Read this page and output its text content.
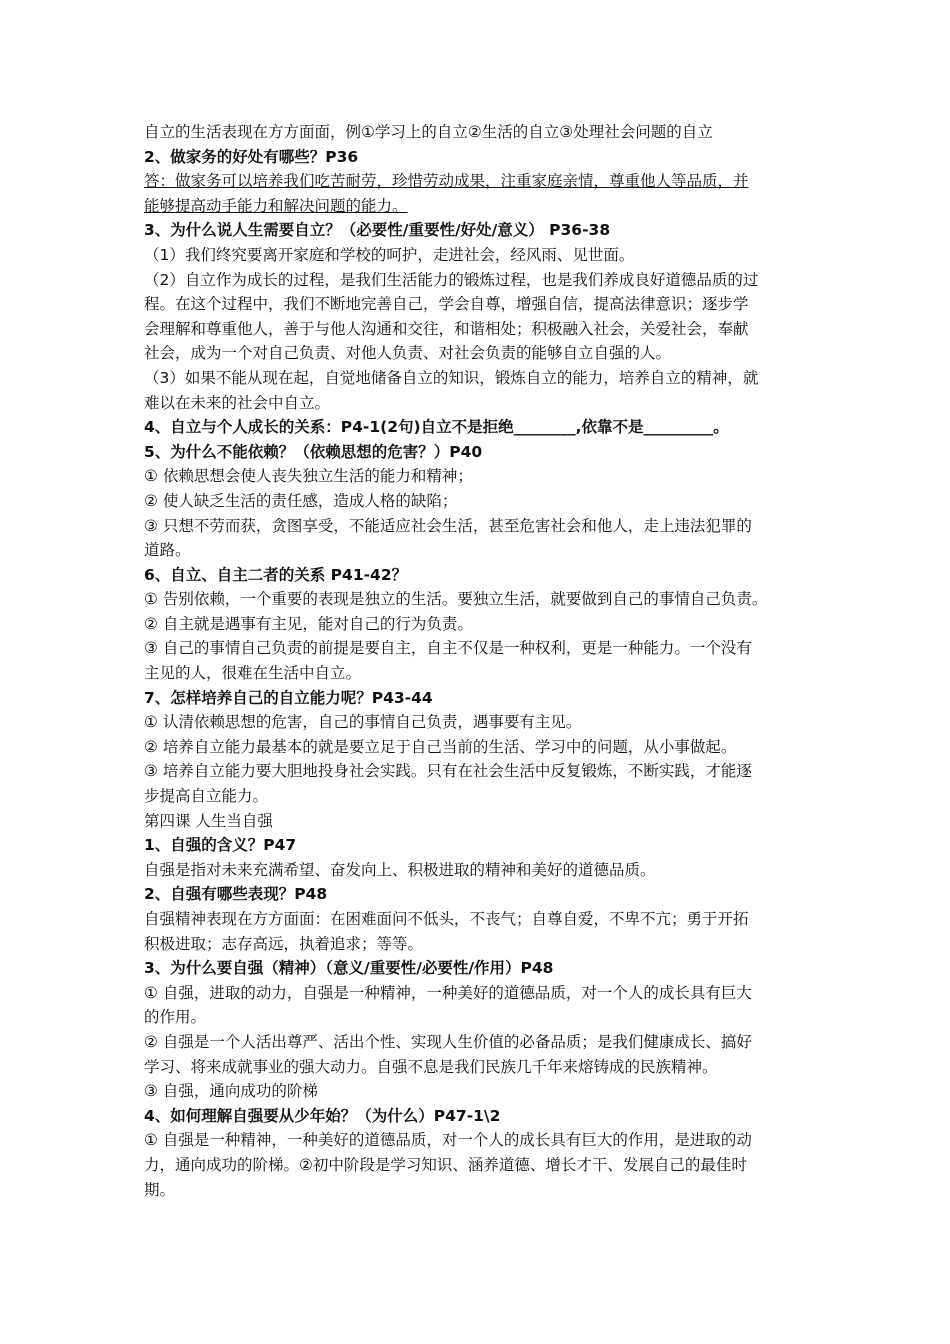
自立的生活表现在方方面面，例①学习上的自立②生活的自立③处理社会问题的自立

2、做家务的好处有哪些？P36

答：做家务可以培养我们吃苦耐劳，珍惜劳动成果，注重家庭亲情，尊重他人等品质，并

能够提高动手能力和解决问题的能力。

3、为什么说人生需要自立？（必要性/重要性/好处/意义） P36-38

（1）我们终究要离开家庭和学校的呵护，走进社会，经风雨、见世面。

（2）自立作为成长的过程，是我们生活能力的锻炼过程，也是我们养成良好道德品质的过

程。在这个过程中，我们不断地完善自己，学会自尊，增强自信，提高法律意识；逐步学

会理解和尊重他人，善于与他人沟通和交往，和谐相处；积极融入社会，关爱社会，奉献

社会，成为一个对自己负责、对他人负责、对社会负责的能够自立自强的人。

（3）如果不能从现在起，自觉地储备自立的知识，锻炼自立的能力，培养自立的精神，就

难以在未来的社会中自立。

4、自立与个人成长的关系：P4-1(2句)自立不是拒绝________,依靠不是_________。

5、为什么不能依赖？（依赖思想的危害？）P40

① 依赖思想会使人丧失独立生活的能力和精神；

② 使人缺乏生活的责任感，造成人格的缺陷；

③ 只想不劳而获，贪图享受，不能适应社会生活，甚至危害社会和他人，走上违法犯罪的

道路。

6、自立、自主二者的关系 P41-42？

① 告别依赖，一个重要的表现是独立的生活。要独立生活，就要做到自己的事情自己负责。

② 自主就是遇事有主见，能对自己的行为负责。

③ 自己的事情自己负责的前提是要自主，自主不仅是一种权利，更是一种能力。一个没有

主见的人，很难在生活中自立。

7、怎样培养自己的自立能力呢？P43-44

① 认清依赖思想的危害，自己的事情自己负责，遇事要有主见。

② 培养自立能力最基本的就是要立足于自己当前的生活、学习中的问题，从小事做起。

③ 培养自立能力要大胆地投身社会实践。只有在社会生活中反复锻炼，不断实践，才能逐

步提高自立能力。

第四课 人生当自强

1、自强的含义？P47

自强是指对未来充满希望、奋发向上、积极进取的精神和美好的道德品质。

2、自强有哪些表现？P48

自强精神表现在方方面面：在困难面问不低头，不丧气；自尊自爱，不卑不亢；勇于开拓

积极进取；志存高远，执着追求；等等。

3、为什么要自强（精神）（意义/重要性/必要性/作用）P48

① 自强，进取的动力，自强是一种精神，一种美好的道德品质，对一个人的成长具有巨大

的作用。

② 自强是一个人活出尊严、活出个性、实现人生价值的必备品质；是我们健康成长、搞好

学习、将来成就事业的强大动力。自强不息是我们民族几千年来熔铸成的民族精神。

③ 自强，通向成功的阶梯

4、如何理解自强要从少年始？（为什么）P47-1\2

① 自强是一种精神，一种美好的道德品质，对一个人的成长具有巨大的作用，是进取的动

力，通向成功的阶梯。②初中阶段是学习知识、涵养道德、增长才干、发展自己的最佳时

期。
